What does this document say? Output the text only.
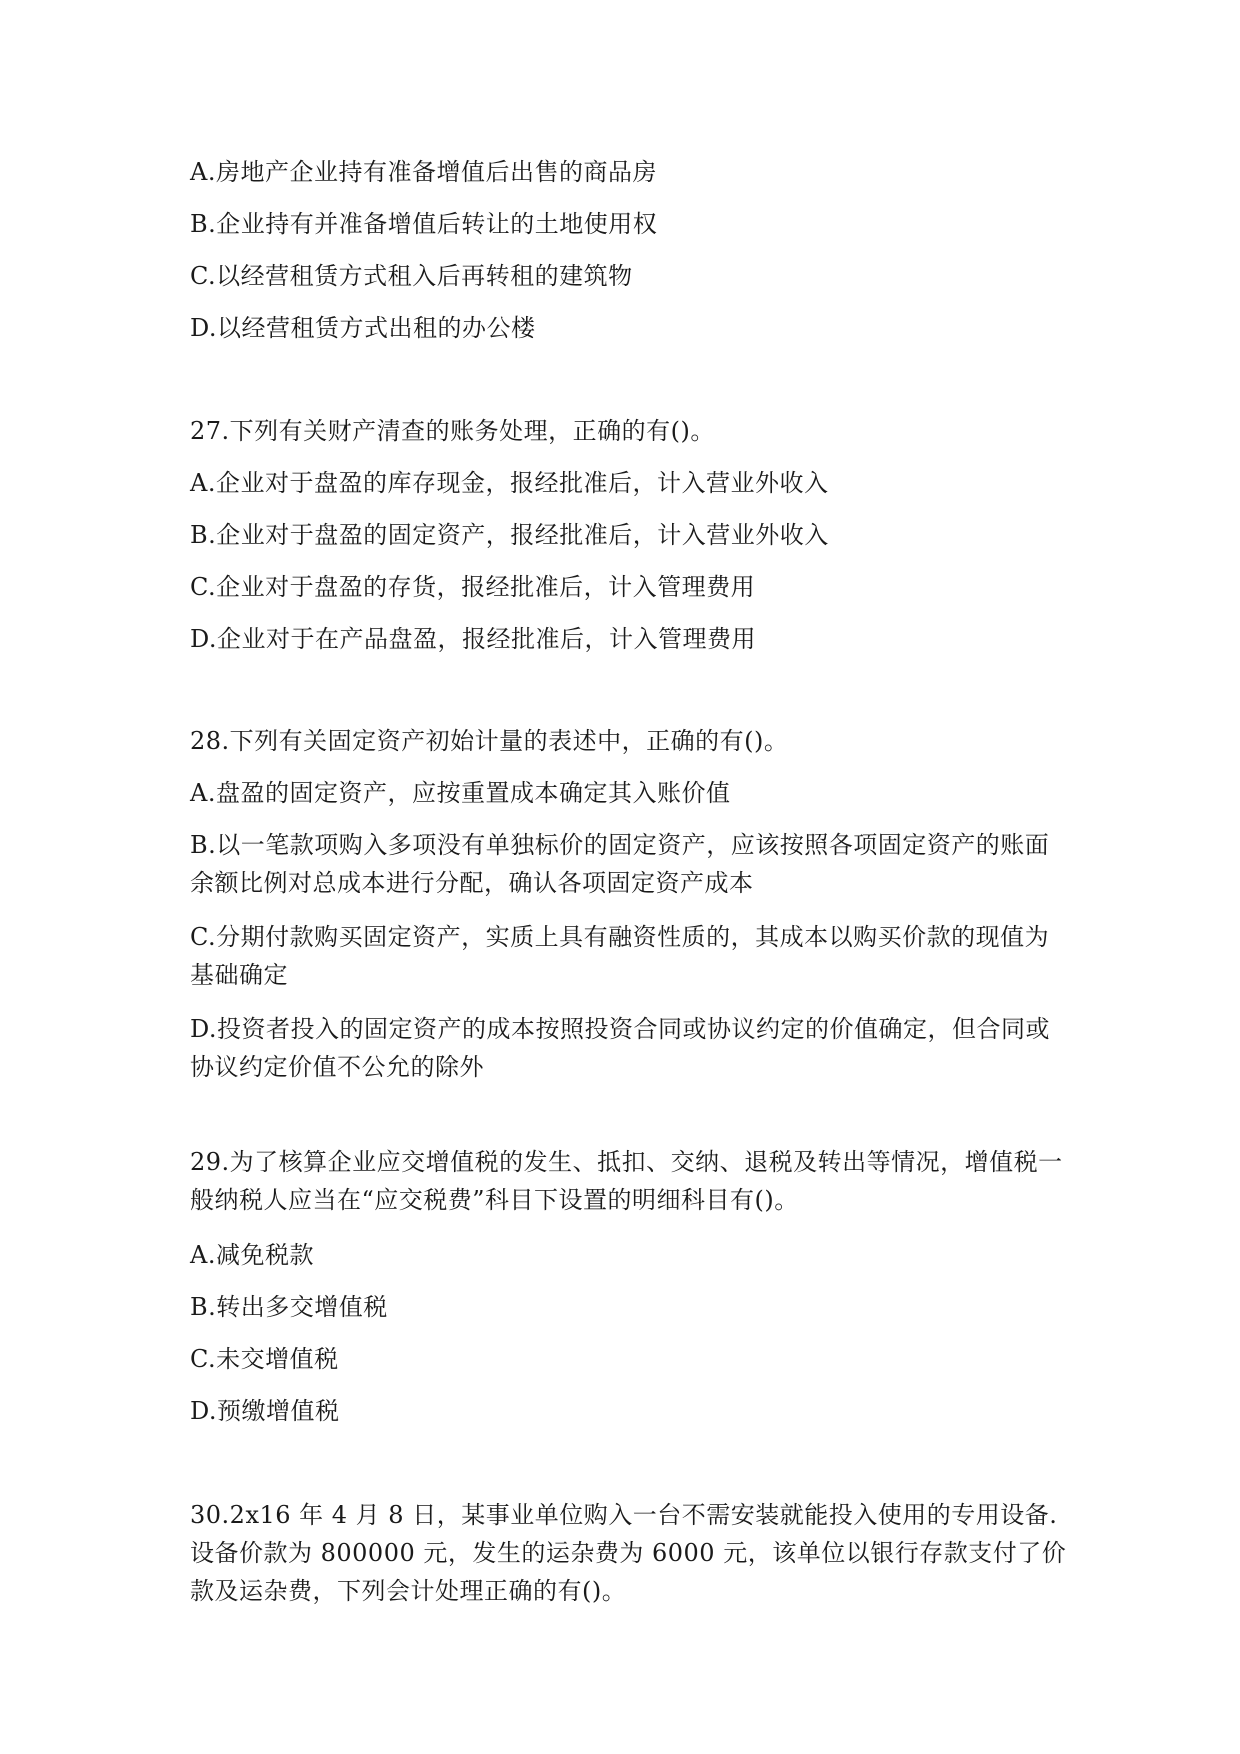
A.房地产企业持有准备增值后出售的商品房
B.企业持有并准备增值后转让的土地使用权
C.以经营租赁方式租入后再转租的建筑物
D.以经营租赁方式出租的办公楼
27.下列有关财产清查的账务处理，正确的有()。
A.企业对于盘盈的库存现金，报经批准后，计入营业外收入
B.企业对于盘盈的固定资产，报经批准后，计入营业外收入
C.企业对于盘盈的存货，报经批准后，计入管理费用
D.企业对于在产品盘盈，报经批准后，计入管理费用
28.下列有关固定资产初始计量的表述中，正确的有()。
A.盘盈的固定资产，应按重置成本确定其入账价值
B.以一笔款项购入多项没有单独标价的固定资产，应该按照各项固定资产的账面余额比例对总成本进行分配，确认各项固定资产成本
C.分期付款购买固定资产，实质上具有融资性质的，其成本以购买价款的现值为基础确定
D.投资者投入的固定资产的成本按照投资合同或协议约定的价值确定，但合同或协议约定价值不公允的除外
29.为了核算企业应交增值税的发生、抵扣、交纳、退税及转出等情况，增值税一般纳税人应当在“应交税费”科目下设置的明细科目有()。
A.减免税款
B.转出多交增值税
C.未交增值税
D.预缴增值税
30.2x16 年 4 月 8 日，某事业单位购入一台不需安装就能投入使用的专用设备.设备价款为 800000 元，发生的运杂费为 6000 元，该单位以银行存款支付了价款及运杂费，下列会计处理正确的有()。
